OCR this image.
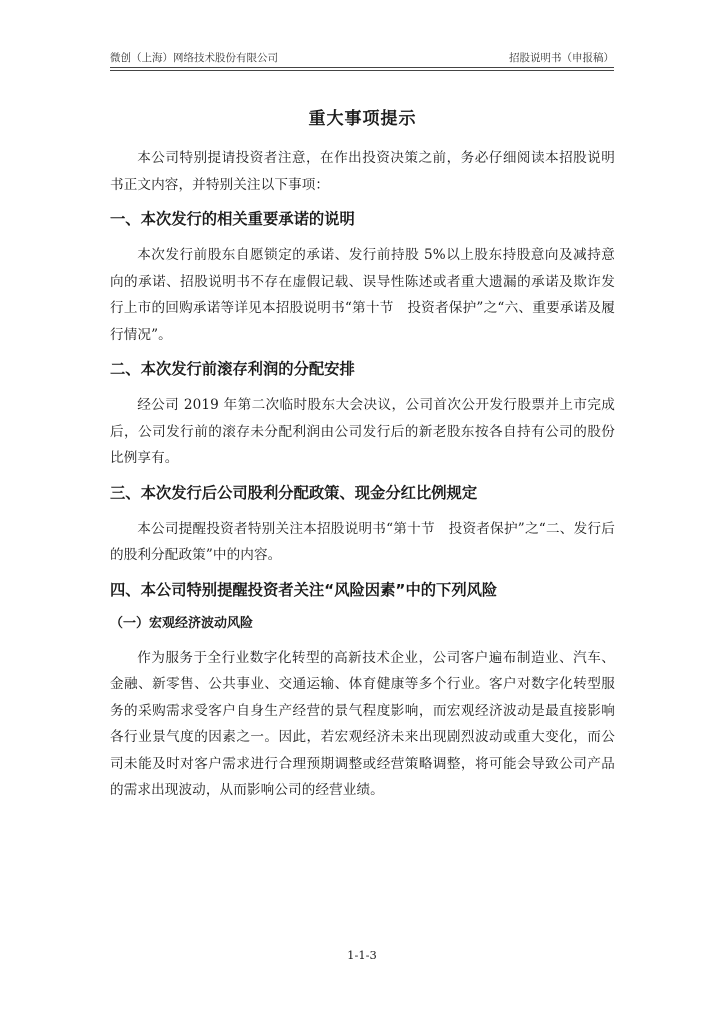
微创（上海）网络技术股份有限公司	招股说明书（申报稿）
重大事项提示

本公司特别提请投资者注意，在作出投资决策之前，务必仔细阅读本招股说明书正文内容，并特别关注以下事项：

一、本次发行的相关重要承诺的说明

本次发行前股东自愿锁定的承诺、发行前持股 5%以上股东持股意向及减持意向的承诺、招股说明书不存在虚假记载、误导性陈述或者重大遗漏的承诺及欺诈发行上市的回购承诺等详见本招股说明书“第十节　投资者保护”之“六、重要承诺及履行情况”。

二、本次发行前滚存利润的分配安排

经公司 2019 年第二次临时股东大会决议，公司首次公开发行股票并上市完成后，公司发行前的滚存未分配利润由公司发行后的新老股东按各自持有公司的股份比例享有。

三、本次发行后公司股利分配政策、现金分红比例规定

本公司提醒投资者特别关注本招股说明书“第十节　投资者保护”之“二、发行后的股利分配政策”中的内容。

四、本公司特别提醒投资者关注“风险因素”中的下列风险
（一）宏观经济波动风险

作为服务于全行业数字化转型的高新技术企业，公司客户遍布制造业、汽车、金融、新零售、公共事业、交通运输、体育健康等多个行业。客户对数字化转型服务的采购需求受客户自身生产经营的景气程度影响，而宏观经济波动是最直接影响各行业景气度的因素之一。因此，若宏观经济未来出现剧烈波动或重大变化，而公司未能及时对客户需求进行合理预期调整或经营策略调整，将可能会导致公司产品的需求出现波动，从而影响公司的经营业绩。

1-1-3
